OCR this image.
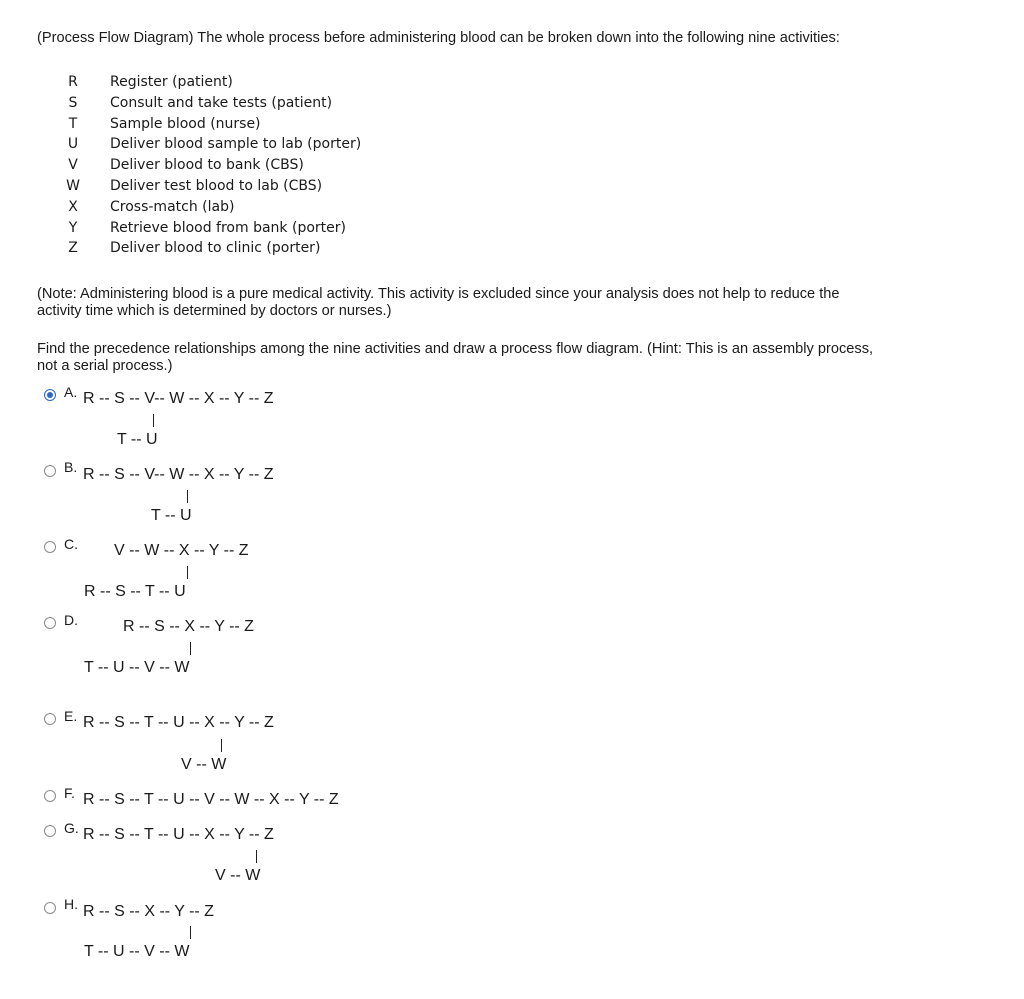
(Process Flow Diagram) The whole process before administering blood can be broken down into the following nine activities:

R Register (patient)
S Consult and take tests (patient)
T Sample blood (nurse)
U Deliver blood sample to lab (porter)
V Deliver blood to bank (CBS)
W Deliver test blood to lab (CBS)
X Cross-match (lab)
Y Retrieve blood from bank (porter)
Z Deliver blood to clinic (porter)

(Note: Administering blood is a pure medical activity. This activity is excluded since your analysis does not help to reduce the activity time which is determined by doctors or nurses.)

Find the precedence relationships among the nine activities and draw a process flow diagram. (Hint: This is an assembly process, not a serial process.)

A. R -- S -- V-- W -- X -- Y -- Z
T -- U
B. R -- S -- V-- W -- X -- Y -- Z
T -- U
C. V -- W -- X -- Y -- Z
R -- S -- T -- U
D.	R -- S -- X -- Y -- Z
T -- U -- V -- W
E. R -- S -- T -- U -- X -- Y -- Z
V -- W
F. R -- S -- T -- U -- V -- W -- X -- Y -- Z
G. R -- S -- T -- U -- X -- Y -- Z
V -- W
H. R -- S -- X -- Y -- Z
T -- U -- V -- W
